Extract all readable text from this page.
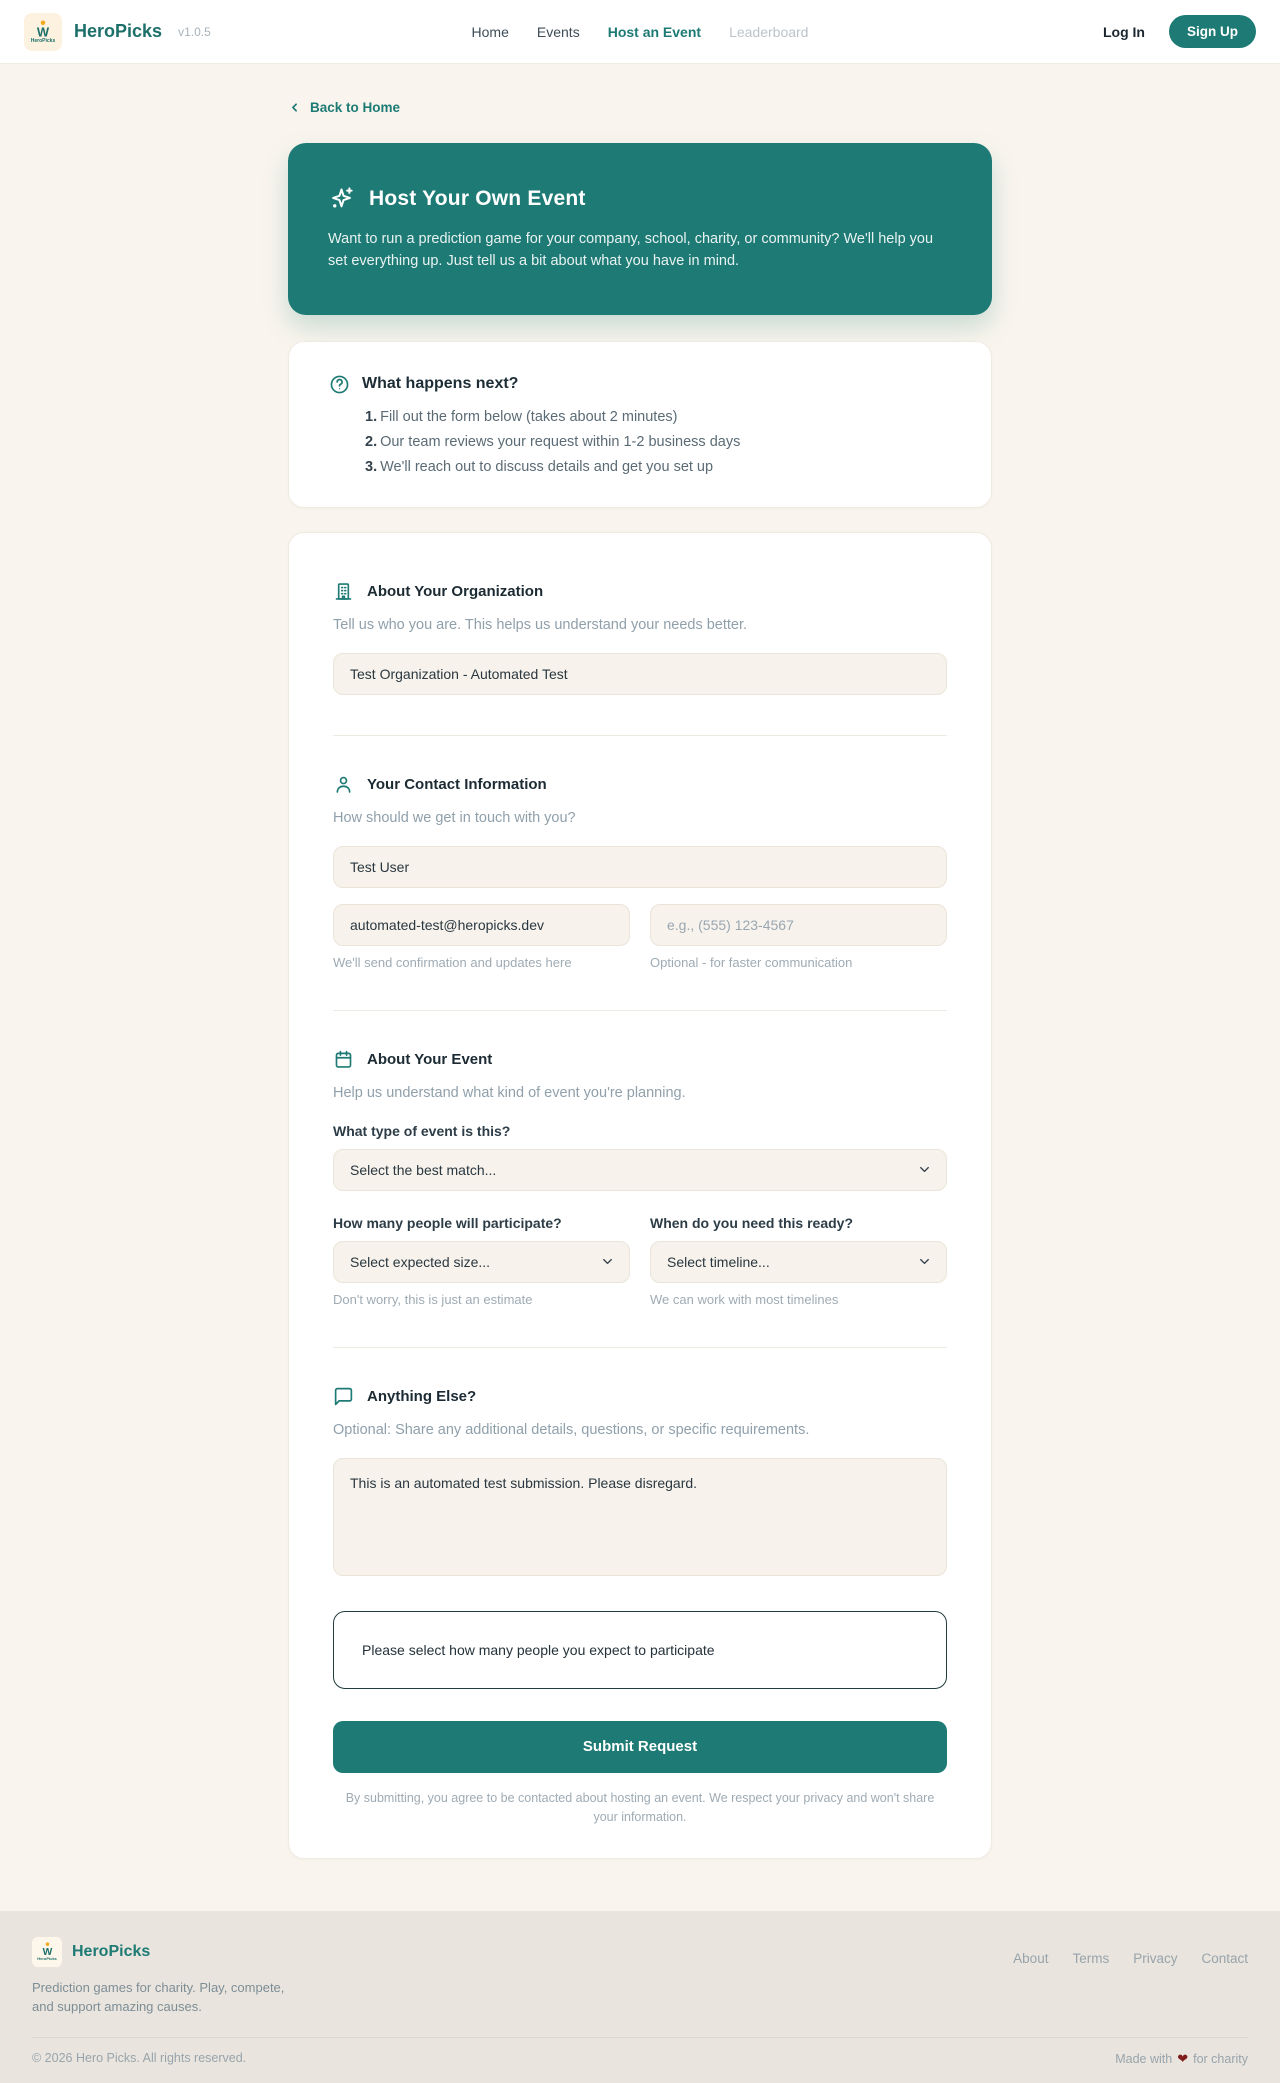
W
HeroPicks HeroPicks v1.0.5	Home Events Host an Event Leaderboard	Log In	Sign Up
Back to Home
Host Your Own Event
Want to run a prediction game for your company, school, charity, or community? We'll help you set everything up. Just tell us a bit about what you have in mind.
What happens next?
1. Fill out the form below (takes about 2 minutes)
2. Our team reviews your request within 1-2 business days
3. We'll reach out to discuss details and get you set up
About Your Organization
Tell us who you are. This helps us understand your needs better.
Test Organization - Automated Test
Your Contact Information
How should we get in touch with you?
Test User
automated-test@heropicks.dev
We'll send confirmation and updates here
e.g., (555) 123-4567	Optional - for faster communication
About Your Event
Help us understand what kind of event you're planning.
What type of event is this?
Select the best match...
How many people will participate?
Select expected size...
Don't worry, this is just an estimate
When do you need this ready?
Select timeline...
We can work with most timelines
Anything Else?
Optional: Share any additional details, questions, or specific requirements.
This is an automated test submission. Please disregard.
Please select how many people you expect to participate
Submit Request
By submitting, you agree to be contacted about hosting an event. We respect your privacy and won't share your information.
W
HeroPicks HeroPicks
Prediction games for charity. Play, compete, and support amazing causes.
About Terms Privacy Contact
© 2026 Hero Picks. All rights reserved.	Made with ❤ for charity
